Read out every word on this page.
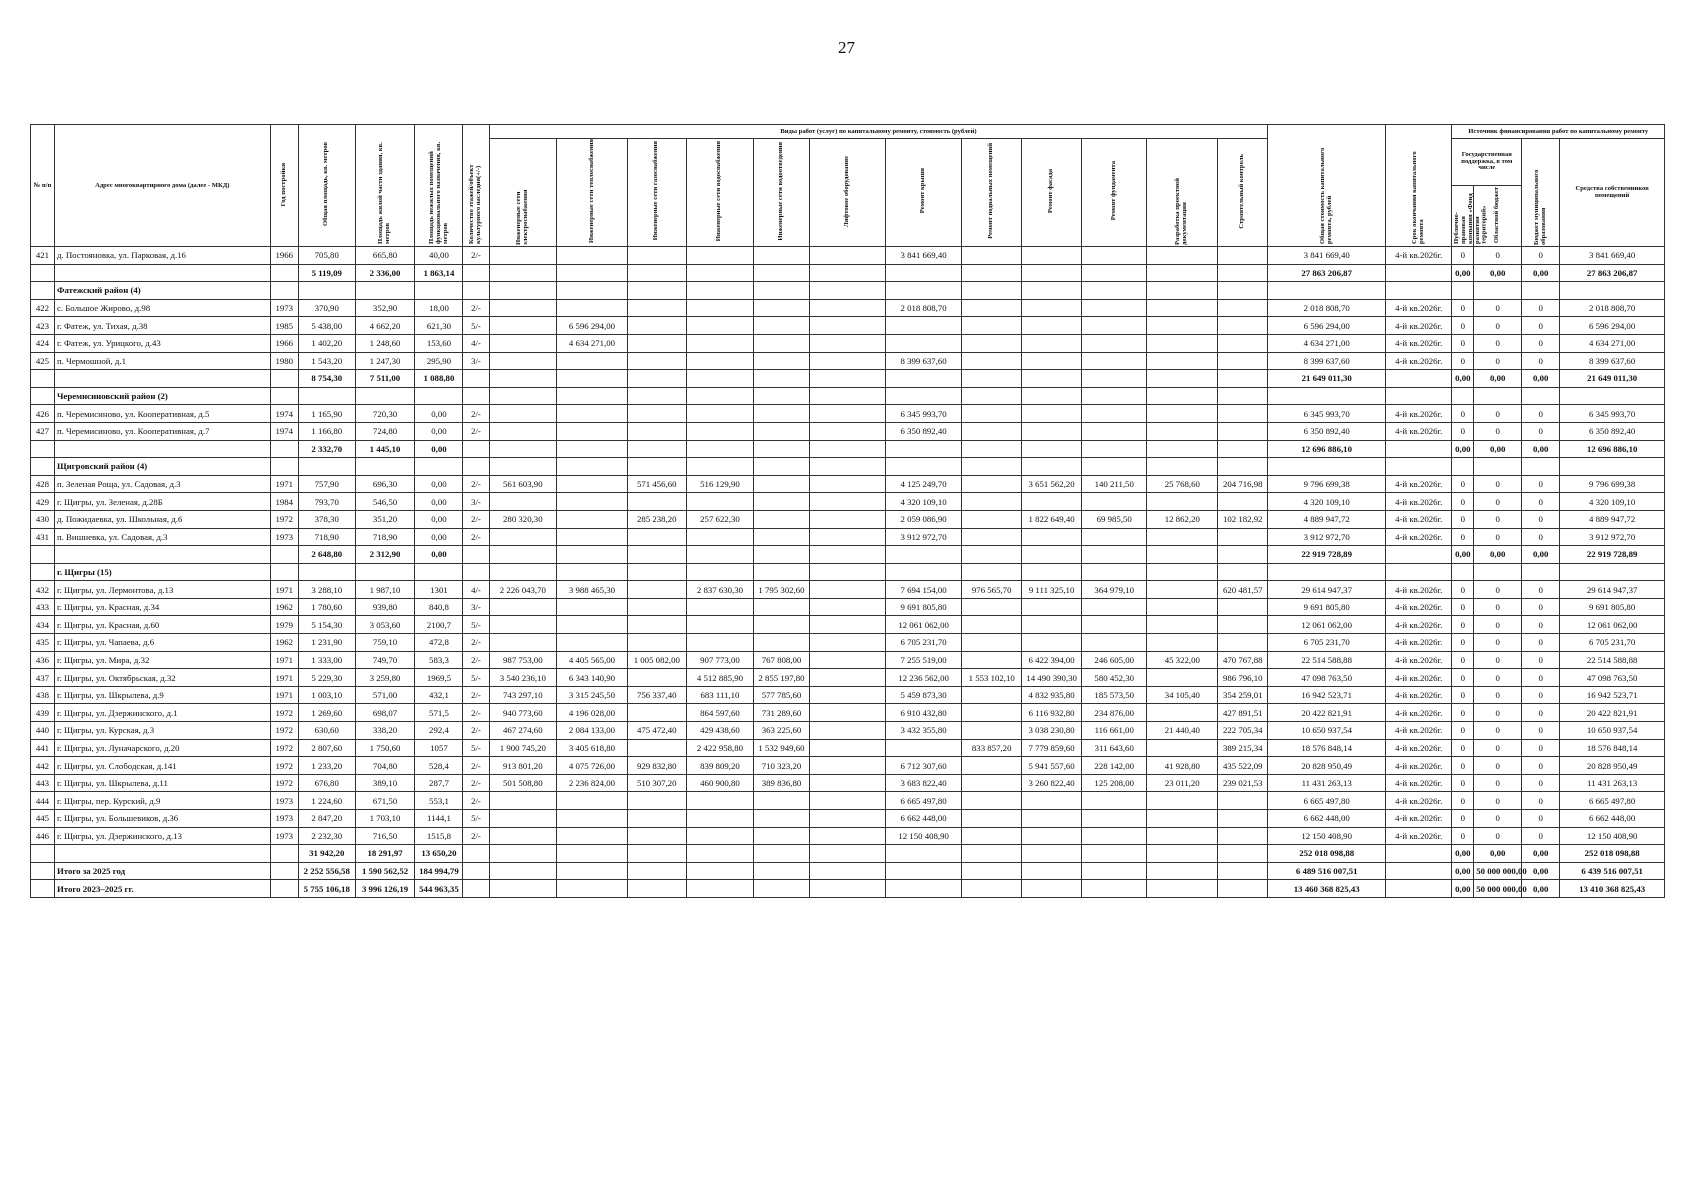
27
№ п/п	Адрес многоквартирного дома (далее - МКД)	Год постройки	Общая площадь, кв. метров	Площадь жилой части здания, кв. метров	Площадь нежилых помещений функционального назначения, кв. метров	Количество этажей/объект культурного наследия(+/-)	Виды работ (услуг) по капитальному ремонту, стоимость (рублей)												Общая стоимость капитального ремонта, рублей	Срок окончания капитального ремонта	Источник финансирования работ по капитальному ремонту			
							Инженерные сети электроснабжения	Инженерные сети теплоснабжения	Инженерные сети газоснабжения	Инженерные сети водоснабжения	Инженерные сети водоотведения	Лифтовое оборудование	Ремонт крыши	Ремонт подвальных помещений	Ремонт фасада	Ремонт фундамента	Разработка проектной документации	Строительный контроль			Государственная поддержка, в том числе		Бюджет муниципального образования	Средства собственников помещений
																					Публично-правовая компания «Фонд развития территорий»	Областной бюджет		
421	д. Постояновка, ул. Парковая, д.16	1966	705,80	665,80	40,00	2/-							3 841 669,40						3 841 669,40	4-й кв.2026г.	0	0	0	3 841 669,40
			5 119,09	2 336,00	1 863,14														27 863 206,87		0,00	0,00	0,00	27 863 206,87
	Фатежский район (4)																							
422	с. Большое Жирово, д.98	1973	370,90	352,90	18,00	2/-							2 018 808,70						2 018 808,70	4-й кв.2026г.	0	0	0	2 018 808,70
423	г. Фатеж, ул. Тихая, д.38	1985	5 438,00	4 662,20	621,30	5/-		6 596 294,00											6 596 294,00	4-й кв.2026г.	0	0	0	6 596 294,00
424	г. Фатеж, ул. Урицкого, д.43	1966	1 402,20	1 248,60	153,60	4/-		4 634 271,00											4 634 271,00	4-й кв.2026г.	0	0	0	4 634 271,00
425	п. Чермошной, д.1	1980	1 543,20	1 247,30	295,90	3/-							8 399 637,60						8 399 637,60	4-й кв.2026г.	0	0	0	8 399 637,60
			8 754,30	7 511,00	1 088,80														21 649 011,30		0,00	0,00	0,00	21 649 011,30
	Черемисиновский район (2)																							
426	п. Черемисиново, ул. Кооперативная, д.5	1974	1 165,90	720,30	0,00	2/-							6 345 993,70						6 345 993,70	4-й кв.2026г.	0	0	0	6 345 993,70
427	п. Черемисиново, ул. Кооперативная, д.7	1974	1 166,80	724,80	0,00	2/-							6 350 892,40						6 350 892,40	4-й кв.2026г.	0	0	0	6 350 892,40
			2 332,70	1 445,10	0,00														12 696 886,10		0,00	0,00	0,00	12 696 886,10
	Щигровский район (4)																							
428	п. Зеленая Роща, ул. Садовая, д.3	1971	757,90	696,30	0,00	2/-	561 603,90		571 456,60	516 129,90			4 125 249,70		3 651 562,20	140 211,50	25 768,60	204 716,98	9 796 699,38	4-й кв.2026г.	0	0	0	9 796 699,38
429	г. Щигры, ул. Зеленая, д.28Б	1984	793,70	546,50	0,00	3/-							4 320 109,10						4 320 109,10	4-й кв.2026г.	0	0	0	4 320 109,10
430	д. Пожидаевка, ул. Школьная, д.6	1972	378,30	351,20	0,00	2/-	280 320,30		285 238,20	257 622,30			2 059 086,90		1 822 649,40	69 985,50	12 862,20	102 182,92	4 889 947,72	4-й кв.2026г.	0	0	0	4 889 947,72
431	п. Вишневка, ул. Садовая, д.3	1973	718,90	718,90	0,00	2/-							3 912 972,70						3 912 972,70	4-й кв.2026г.	0	0	0	3 912 972,70
			2 648,80	2 312,90	0,00														22 919 728,89		0,00	0,00	0,00	22 919 728,89
	г. Щигры (15)																							
432	г. Щигры, ул. Лермонтова, д.13	1971	3 288,10	1 987,10	1301	4/-	2 226 043,70	3 988 465,30		2 837 630,30	1 795 302,60		7 694 154,00	976 565,70	9 111 325,10	364 979,10		620 481,57	29 614 947,37	4-й кв.2026г.	0	0	0	29 614 947,37
433	г. Щигры, ул. Красная, д.34	1962	1 780,60	939,80	840,8	3/-							9 691 805,80						9 691 805,80	4-й кв.2026г.	0	0	0	9 691 805,80
434	г. Щигры, ул. Красная, д.60	1979	5 154,30	3 053,60	2100,7	5/-							12 061 062,00						12 061 062,00	4-й кв.2026г.	0	0	0	12 061 062,00
435	г. Щигры, ул. Чапаева, д.6	1962	1 231,90	759,10	472,8	2/-							6 705 231,70						6 705 231,70	4-й кв.2026г.	0	0	0	6 705 231,70
436	г. Щигры, ул. Мира, д.32	1971	1 333,00	749,70	583,3	2/-	987 753,00	4 405 565,00	1 005 082,00	907 773,00	767 808,00		7 255 519,00		6 422 394,00	246 605,00	45 322,00	470 767,88	22 514 588,88	4-й кв.2026г.	0	0	0	22 514 588,88
437	г. Щигры, ул. Октябрьская, д.32	1971	5 229,30	3 259,80	1969,5	5/-	3 540 236,10	6 343 140,90		4 512 885,90	2 855 197,80		12 236 562,00	1 553 102,10	14 490 390,30	580 452,30		986 796,10	47 098 763,50	4-й кв.2026г.	0	0	0	47 098 763,50
438	г. Щигры, ул. Шкрылева, д.9	1971	1 003,10	571,00	432,1	2/-	743 297,10	3 315 245,50	756 337,40	683 111,10	577 785,60		5 459 873,30		4 832 935,80	185 573,50	34 105,40	354 259,01	16 942 523,71	4-й кв.2026г.	0	0	0	16 942 523,71
439	г. Щигры, ул. Дзержинского, д.1	1972	1 269,60	698,07	571,5	2/-	940 773,60	4 196 028,00		864 597,60	731 289,60		6 910 432,80		6 116 932,80	234 876,00		427 891,51	20 422 821,91	4-й кв.2026г.	0	0	0	20 422 821,91
440	г. Щигры, ул. Курская, д.3	1972	630,60	338,20	292,4	2/-	467 274,60	2 084 133,00	475 472,40	429 438,60	363 225,60		3 432 355,80		3 038 230,80	116 661,00	21 440,40	222 705,34	10 650 937,54	4-й кв.2026г.	0	0	0	10 650 937,54
441	г. Щигры, ул. Луначарского, д.20	1972	2 807,60	1 750,60	1057	5/-	1 900 745,20	3 405 618,80		2 422 958,80	1 532 949,60			833 857,20	7 779 859,60	311 643,60		389 215,34	18 576 848,14	4-й кв.2026г.	0	0	0	18 576 848,14
442	г. Щигры, ул. Слободская, д.141	1972	1 233,20	704,80	528,4	2/-	913 801,20	4 075 726,00	929 832,80	839 809,20	710 323,20		6 712 307,60		5 941 557,60	228 142,00	41 928,80	435 522,09	20 828 950,49	4-й кв.2026г.	0	0	0	20 828 950,49
443	г. Щигры, ул. Шкрылева, д.11	1972	676,80	389,10	287,7	2/-	501 508,80	2 236 824,00	510 307,20	460 900,80	389 836,80		3 683 822,40		3 260 822,40	125 208,00	23 011,20	239 021,53	11 431 263,13	4-й кв.2026г.	0	0	0	11 431 263,13
444	г. Щигры, пер. Курский, д.9	1973	1 224,60	671,50	553,1	2/-							6 665 497,80						6 665 497,80	4-й кв.2026г.	0	0	0	6 665 497,80
445	г. Щигры, ул. Большевиков, д.36	1973	2 847,20	1 703,10	1144,1	5/-							6 662 448,00						6 662 448,00	4-й кв.2026г.	0	0	0	6 662 448,00
446	г. Щигры, ул. Дзержинского, д.13	1973	2 232,30	716,50	1515,8	2/-							12 150 408,90						12 150 408,90	4-й кв.2026г.	0	0	0	12 150 408,90
			31 942,20	18 291,97	13 650,20														252 018 098,88		0,00	0,00	0,00	252 018 098,88
	Итого за 2025 год		2 252 556,58	1 590 562,52	184 994,79														6 489 516 007,51		0,00	50 000 000,00	0,00	6 439 516 007,51
	Итого 2023–2025 гг.		5 755 106,18	3 996 126,19	544 963,35														13 460 368 825,43		0,00	50 000 000,00	0,00	13 410 368 825,43
